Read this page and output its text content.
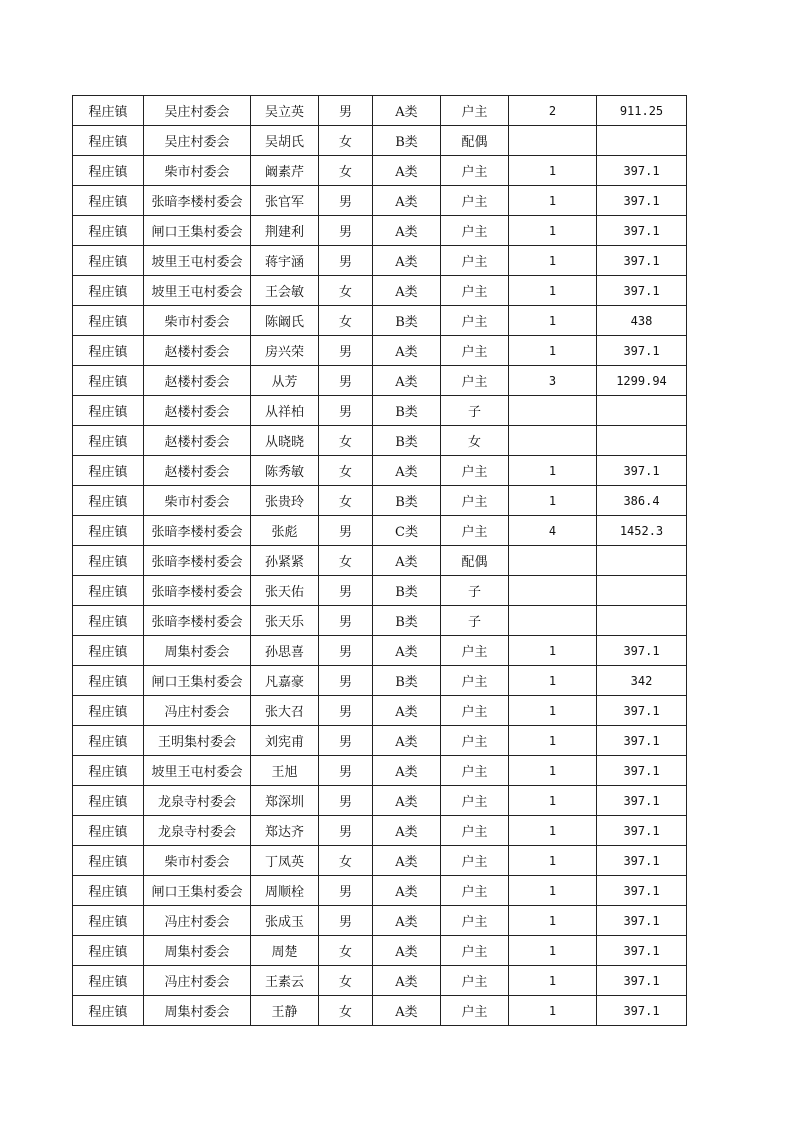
程庄镇	吴庄村委会	吴立英	男	A类	户主	2	911.25
程庄镇	吴庄村委会	吴胡氏	女	B类	配偶		
程庄镇	柴市村委会	阚素芹	女	A类	户主	1	397.1
程庄镇	张暗李楼村委会	张官军	男	A类	户主	1	397.1
程庄镇	闸口王集村委会	荆建利	男	A类	户主	1	397.1
程庄镇	坡里王屯村委会	蒋宇涵	男	A类	户主	1	397.1
程庄镇	坡里王屯村委会	王会敏	女	A类	户主	1	397.1
程庄镇	柴市村委会	陈阚氏	女	B类	户主	1	438
程庄镇	赵楼村委会	房兴荣	男	A类	户主	1	397.1
程庄镇	赵楼村委会	从芳	男	A类	户主	3	1299.94
程庄镇	赵楼村委会	从祥柏	男	B类	子		
程庄镇	赵楼村委会	从晓晓	女	B类	女		
程庄镇	赵楼村委会	陈秀敏	女	A类	户主	1	397.1
程庄镇	柴市村委会	张贵玲	女	B类	户主	1	386.4
程庄镇	张暗李楼村委会	张彪	男	C类	户主	4	1452.3
程庄镇	张暗李楼村委会	孙紧紧	女	A类	配偶		
程庄镇	张暗李楼村委会	张天佑	男	B类	子		
程庄镇	张暗李楼村委会	张天乐	男	B类	子		
程庄镇	周集村委会	孙思喜	男	A类	户主	1	397.1
程庄镇	闸口王集村委会	凡嘉豪	男	B类	户主	1	342
程庄镇	冯庄村委会	张大召	男	A类	户主	1	397.1
程庄镇	王明集村委会	刘宪甫	男	A类	户主	1	397.1
程庄镇	坡里王屯村委会	王旭	男	A类	户主	1	397.1
程庄镇	龙泉寺村委会	郑深圳	男	A类	户主	1	397.1
程庄镇	龙泉寺村委会	郑达齐	男	A类	户主	1	397.1
程庄镇	柴市村委会	丁凤英	女	A类	户主	1	397.1
程庄镇	闸口王集村委会	周顺栓	男	A类	户主	1	397.1
程庄镇	冯庄村委会	张成玉	男	A类	户主	1	397.1
程庄镇	周集村委会	周楚	女	A类	户主	1	397.1
程庄镇	冯庄村委会	王素云	女	A类	户主	1	397.1
程庄镇	周集村委会	王静	女	A类	户主	1	397.1
